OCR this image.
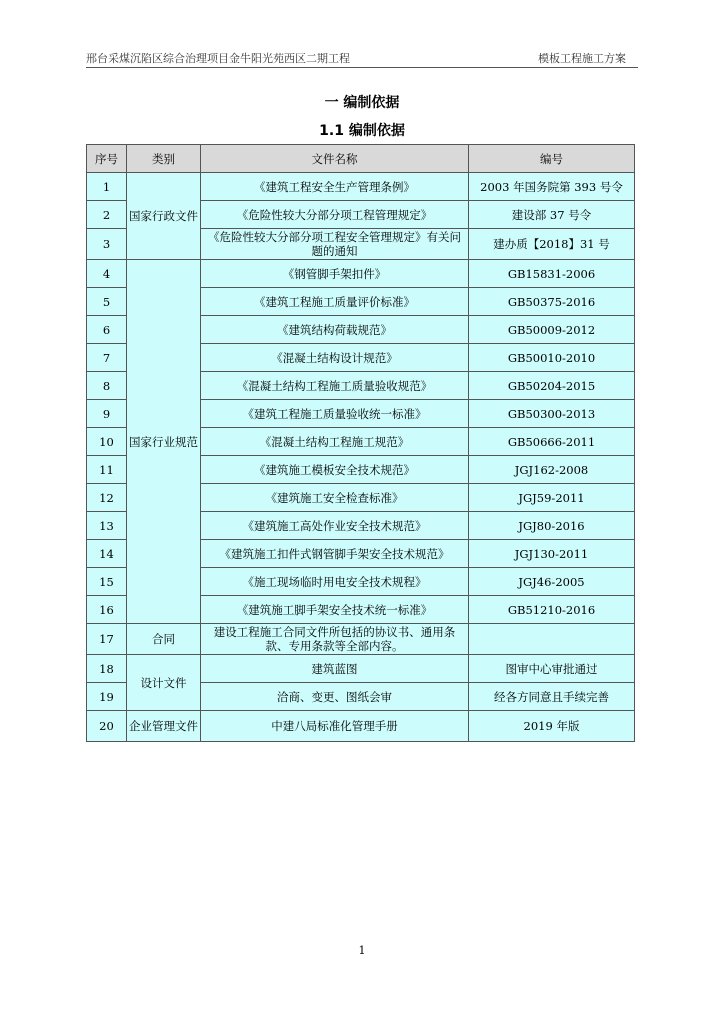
邢台采煤沉陷区综合治理项目金牛阳光苑西区二期工程	模板工程施工方案
一 编制依据
1.1 编制依据
序号	类别	文件名称	编号
1	国家行政文件	《建筑工程安全生产管理条例》	2003 年国务院第 393 号令
2		《危险性较大分部分项工程管理规定》	建设部 37 号令
3		《危险性较大分部分项工程安全管理规定》有关问题的通知	建办质【2018】31 号
4	国家行业规范	《钢管脚手架扣件》	GB15831-2006
5		《建筑工程施工质量评价标准》	GB50375-2016
6		《建筑结构荷载规范》	GB50009-2012
7		《混凝土结构设计规范》	GB50010-2010
8		《混凝土结构工程施工质量验收规范》	GB50204-2015
9		《建筑工程施工质量验收统一标准》	GB50300-2013
10		《混凝土结构工程施工规范》	GB50666-2011
11		《建筑施工模板安全技术规范》	JGJ162-2008
12		《建筑施工安全检查标准》	JGJ59-2011
13		《建筑施工高处作业安全技术规范》	JGJ80-2016
14		《建筑施工扣件式钢管脚手架安全技术规范》	JGJ130-2011
15		《施工现场临时用电安全技术规程》	JGJ46-2005
16		《建筑施工脚手架安全技术统一标准》	GB51210-2016
17	合同	建设工程施工合同文件所包括的协议书、通用条款、专用条款等全部内容。	
18	设计文件	建筑蓝图	图审中心审批通过
19		洽商、变更、图纸会审	经各方同意且手续完善
20	企业管理文件	中建八局标准化管理手册	2019 年版
1
